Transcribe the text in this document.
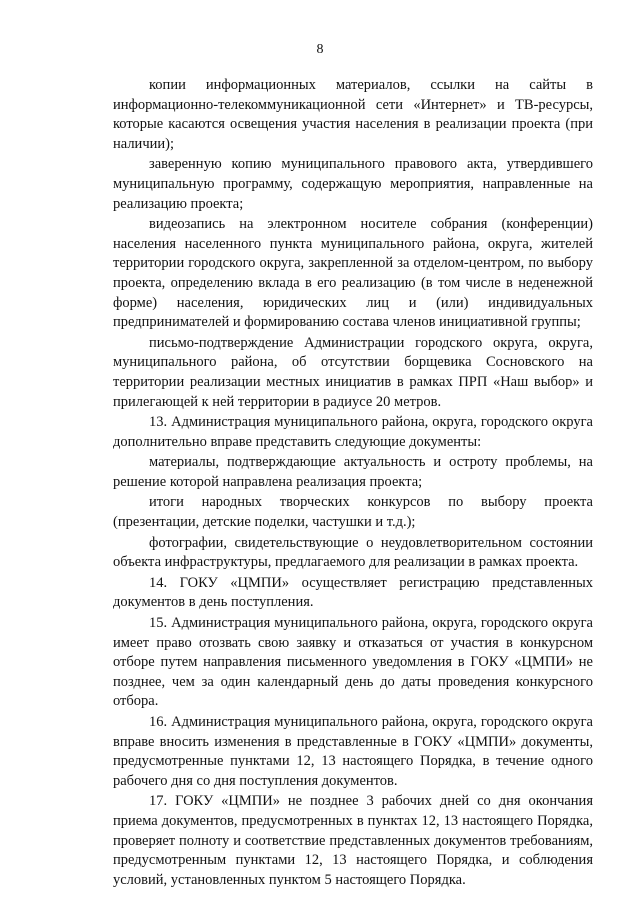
8

копии информационных материалов, ссылки на сайты в информационно-телекоммуникационной сети «Интернет» и ТВ-ресурсы, которые касаются освещения участия населения в реализации проекта (при наличии);

заверенную копию муниципального правового акта, утвердившего муниципальную программу, содержащую мероприятия, направленные на реализацию проекта;

видеозапись на электронном носителе собрания (конференции) населения населенного пункта муниципального района, округа, жителей территории городского округа, закрепленной за отделом-центром, по выбору проекта, определению вклада в его реализацию (в том числе в неденежной форме) населения, юридических лиц и (или) индивидуальных предпринимателей и формированию состава членов инициативной группы;

письмо-подтверждение Администрации городского округа, округа, муниципального района, об отсутствии борщевика Сосновского на территории реализации местных инициатив в рамках ПРП «Наш выбор» и прилегающей к ней территории в радиусе 20 метров.

13. Администрация муниципального района, округа, городского округа дополнительно вправе представить следующие документы:

материалы, подтверждающие актуальность и остроту проблемы, на решение которой направлена реализация проекта;

итоги народных творческих конкурсов по выбору проекта (презентации, детские поделки, частушки и т.д.);

фотографии, свидетельствующие о неудовлетворительном состоянии объекта инфраструктуры, предлагаемого для реализации в рамках проекта.

14. ГОКУ «ЦМПИ» осуществляет регистрацию представленных документов в день поступления.

15. Администрация муниципального района, округа, городского округа имеет право отозвать свою заявку и отказаться от участия в конкурсном отборе путем направления письменного уведомления в ГОКУ «ЦМПИ» не позднее, чем за один календарный день до даты проведения конкурсного отбора.

16. Администрация муниципального района, округа, городского округа вправе вносить изменения в представленные в ГОКУ «ЦМПИ» документы, предусмотренные пунктами 12, 13 настоящего Порядка, в течение одного рабочего дня со дня поступления документов.

17. ГОКУ «ЦМПИ» не позднее 3 рабочих дней со дня окончания приема документов, предусмотренных в пунктах 12, 13 настоящего Порядка, проверяет полноту и соответствие представленных документов требованиям, предусмотренным пунктами 12, 13 настоящего Порядка, и соблюдения условий, установленных пунктом 5 настоящего Порядка.
